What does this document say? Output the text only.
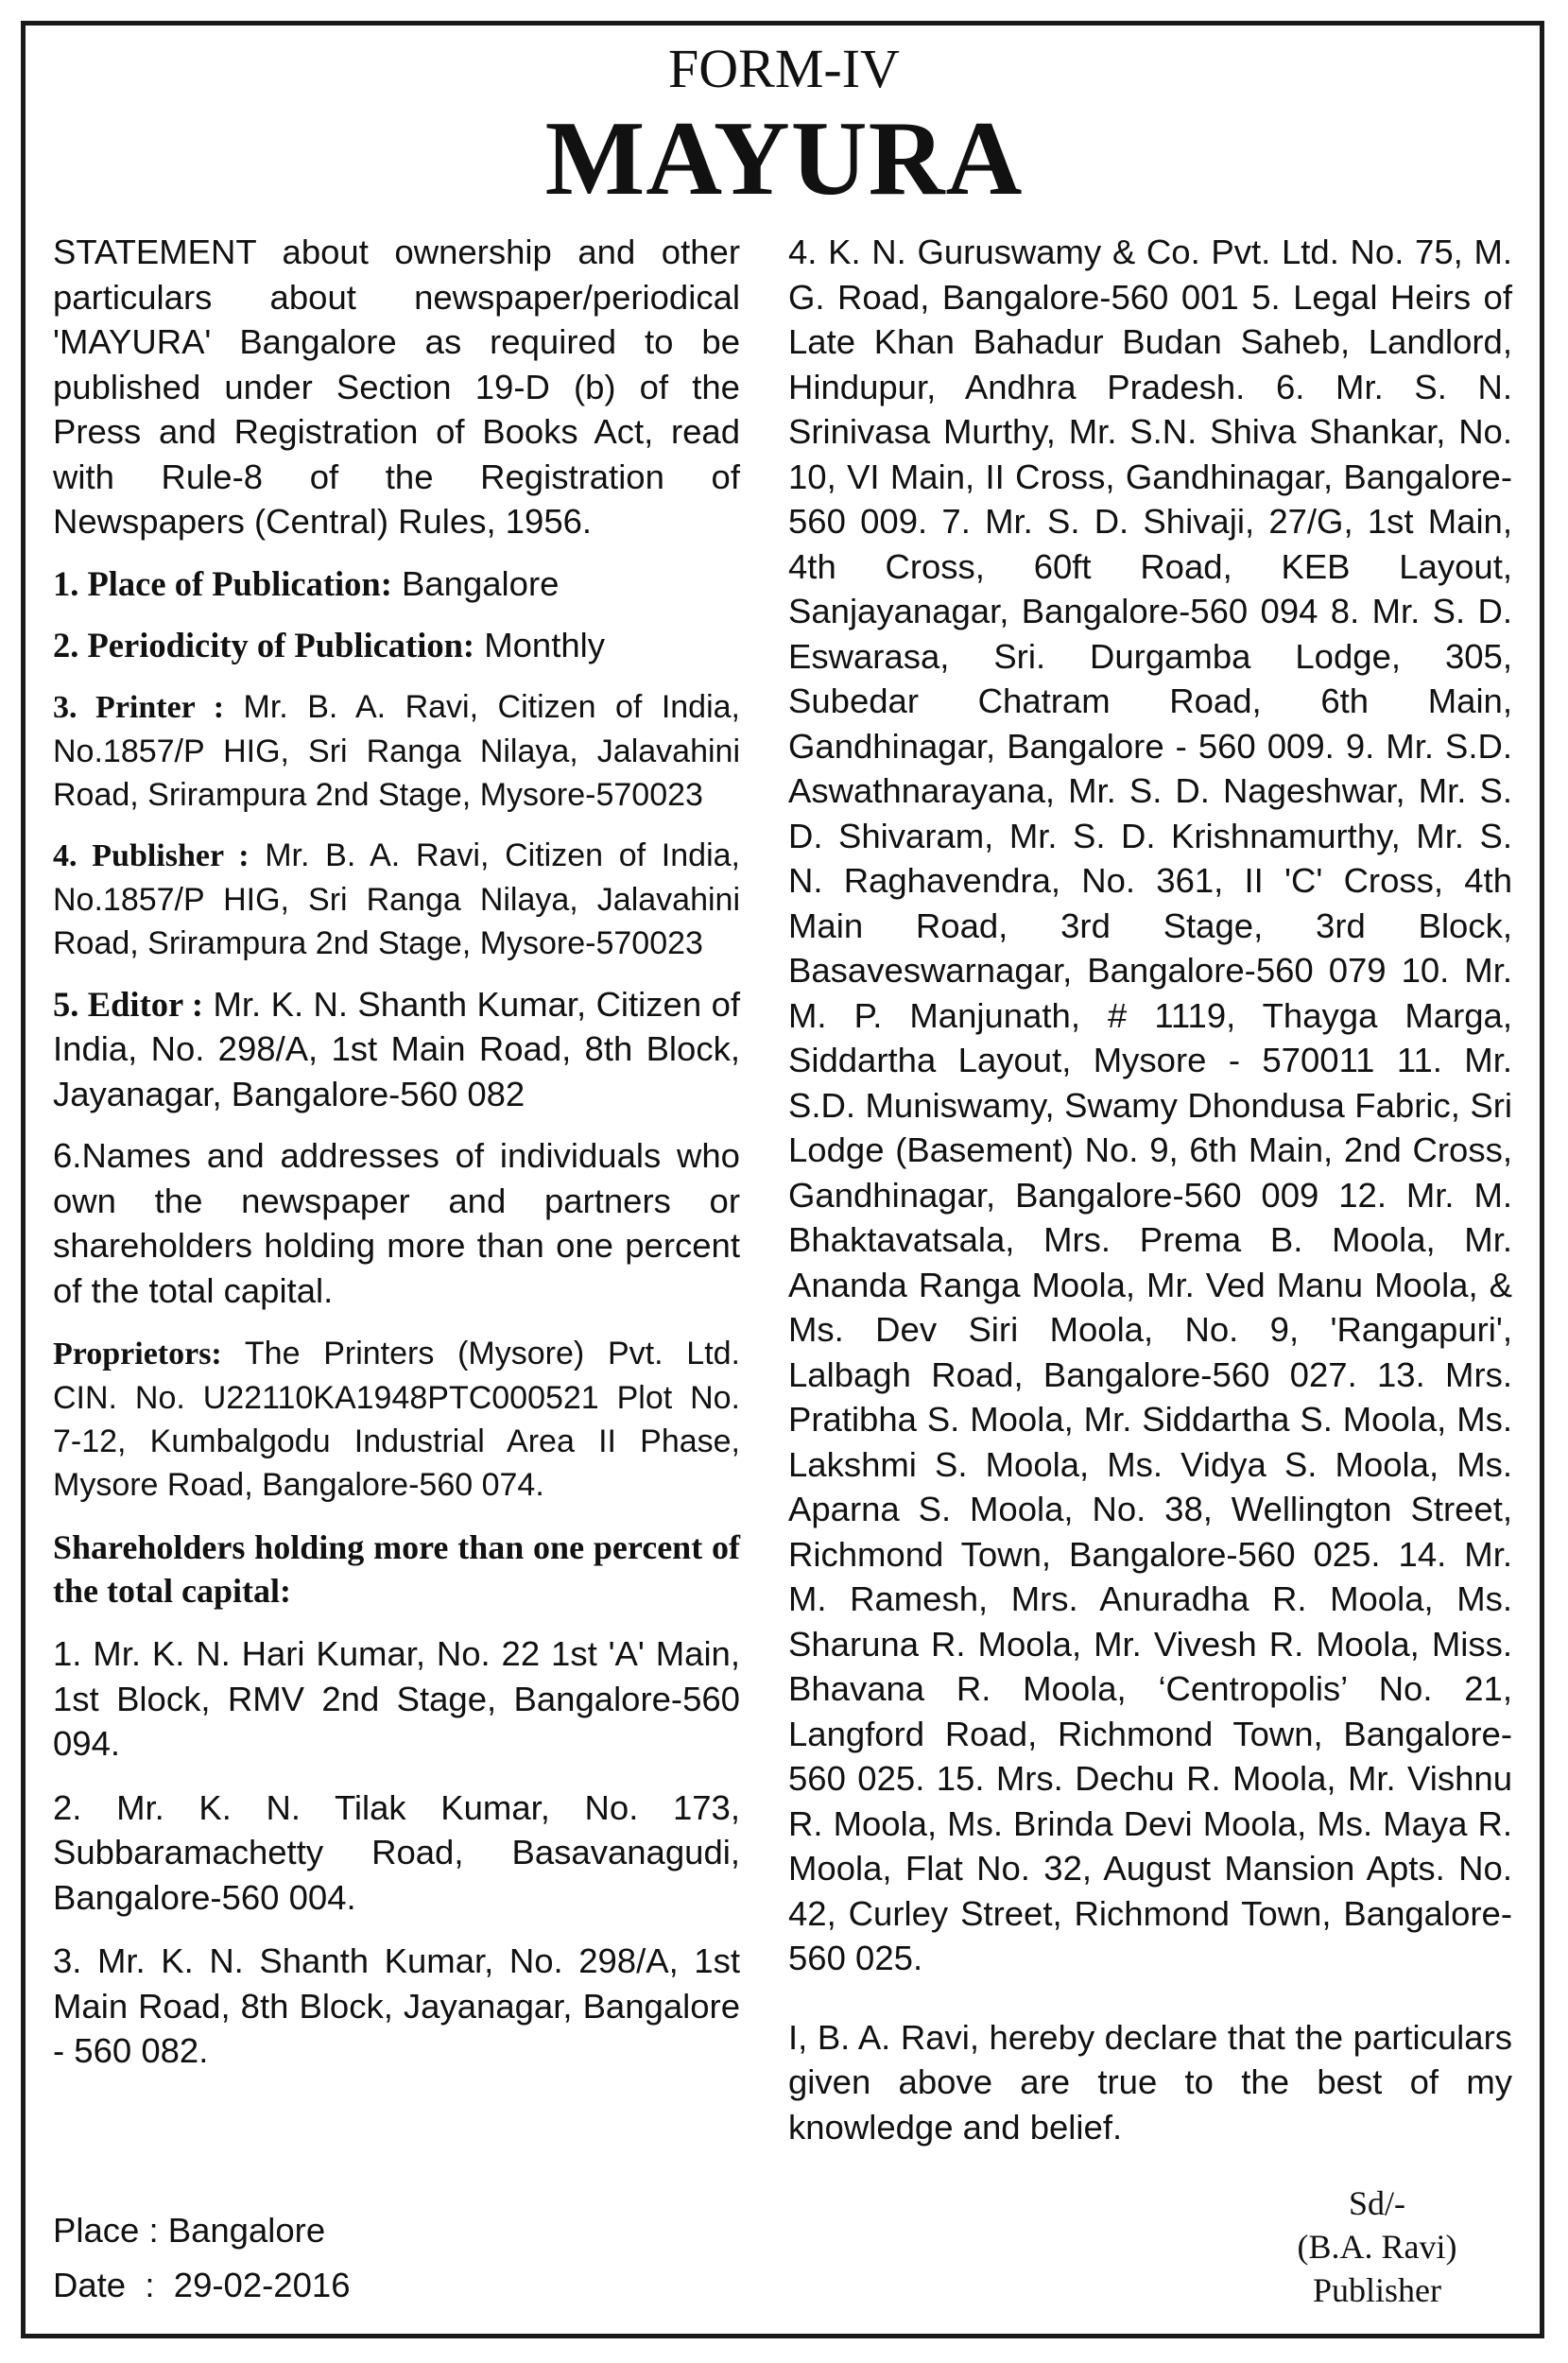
FORM-IV
MAYURA

STATEMENT about ownership and other particulars about newspaper/periodical 'MAYURA' Bangalore as required to be published under Section 19-D (b) of the Press and Registration of Books Act, read with Rule-8 of the Registration of Newspapers (Central) Rules, 1956.

1. Place of Publication: Bangalore

2. Periodicity of Publication: Monthly

3. Printer : Mr. B. A. Ravi, Citizen of India, No.1857/P HIG, Sri Ranga Nilaya, Jalavahini Road, Srirampura 2nd Stage, Mysore-570023

4. Publisher : Mr. B. A. Ravi, Citizen of India, No.1857/P HIG, Sri Ranga Nilaya, Jalavahini Road, Srirampura 2nd Stage, Mysore-570023

5. Editor : Mr. K. N. Shanth Kumar, Citizen of India, No. 298/A, 1st Main Road, 8th Block, Jayanagar, Bangalore-560 082

6.Names and addresses of individuals who own the newspaper and partners or shareholders holding more than one percent of the total capital.

Proprietors: The Printers (Mysore) Pvt. Ltd. CIN. No. U22110KA1948PTC000521 Plot No. 7-12, Kumbalgodu Industrial Area II Phase, Mysore Road, Bangalore-560 074.

Shareholders holding more than one percent of the total capital:

1. Mr. K. N. Hari Kumar, No. 22 1st 'A' Main, 1st Block, RMV 2nd Stage, Bangalore-560 094.

2. Mr. K. N. Tilak Kumar, No. 173, Subbaramachetty Road, Basavanagudi, Bangalore-560 004.

3. Mr. K. N. Shanth Kumar, No. 298/A, 1st Main Road, 8th Block, Jayanagar, Bangalore - 560 082.

4. K. N. Guruswamy & Co. Pvt. Ltd. No. 75, M. G. Road, Bangalore-560 001 5. Legal Heirs of Late Khan Bahadur Budan Saheb, Landlord, Hindupur, Andhra Pradesh. 6. Mr. S. N. Srinivasa Murthy, Mr. S.N. Shiva Shankar, No. 10, VI Main, II Cross, Gandhinagar, Bangalore-560 009. 7. Mr. S. D. Shivaji, 27/G, 1st Main, 4th Cross, 60ft Road, KEB Layout, Sanjayanagar, Bangalore-560 094 8. Mr. S. D. Eswarasa, Sri. Durgamba Lodge, 305, Subedar Chatram Road, 6th Main, Gandhinagar, Bangalore - 560 009. 9. Mr. S.D. Aswathnarayana, Mr. S. D. Nageshwar, Mr. S. D. Shivaram, Mr. S. D. Krishnamurthy, Mr. S. N. Raghavendra, No. 361, II 'C' Cross, 4th Main Road, 3rd Stage, 3rd Block, Basaveswarnagar, Bangalore-560 079 10. Mr. M. P. Manjunath, # 1119, Thayga Marga, Siddartha Layout, Mysore - 570011 11. Mr. S.D. Muniswamy, Swamy Dhondusa Fabric, Sri Lodge (Basement) No. 9, 6th Main, 2nd Cross, Gandhinagar, Bangalore-560 009 12. Mr. M. Bhaktavatsala, Mrs. Prema B. Moola, Mr. Ananda Ranga Moola, Mr. Ved Manu Moola, & Ms. Dev Siri Moola, No. 9, 'Rangapuri', Lalbagh Road, Bangalore-560 027. 13. Mrs. Pratibha S. Moola, Mr. Siddartha S. Moola, Ms. Lakshmi S. Moola, Ms. Vidya S. Moola, Ms. Aparna S. Moola, No. 38, Wellington Street, Richmond Town, Bangalore-560 025. 14. Mr. M. Ramesh, Mrs. Anuradha R. Moola, Ms. Sharuna R. Moola, Mr. Vivesh R. Moola, Miss. Bhavana R. Moola, ‘Centropolis’ No. 21, Langford Road, Richmond Town, Bangalore-560 025. 15. Mrs. Dechu R. Moola, Mr. Vishnu R. Moola, Ms. Brinda Devi Moola, Ms. Maya R. Moola, Flat No. 32, August Mansion Apts. No. 42, Curley Street, Richmond Town, Bangalore-560 025.

I, B. A. Ravi, hereby declare that the particulars given above are true to the best of my knowledge and belief.

Sd/-
(B.A. Ravi)
Publisher
Place : Bangalore
Date  :  29-02-2016
